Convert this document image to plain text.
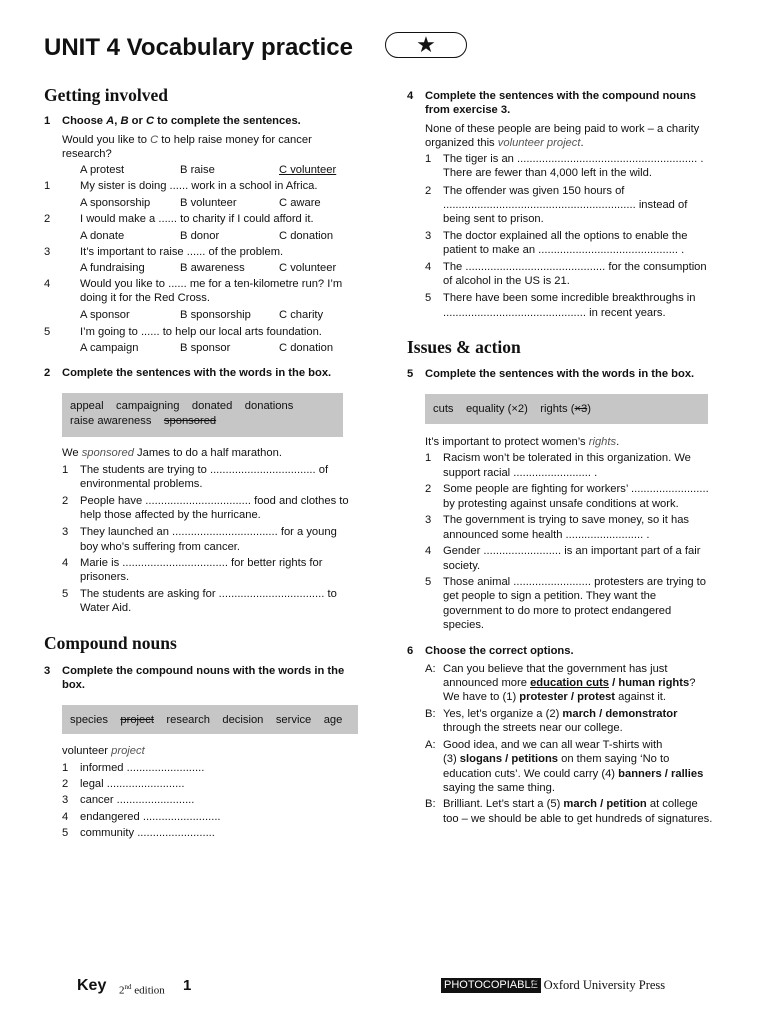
UNIT 4 Vocabulary practice	★
Getting involved
1 Choose A, B or C to complete the sentences.
Would you like to C to help raise money for cancer
research?
A protest	B raise	C volunteer
1	My sister is doing ...... work in a school in Africa.
A sponsorship	B volunteer	C aware
2	I would make a ...... to charity if I could afford it.
A donate	B donor	C donation
3	It’s important to raise ...... of the problem.
A fundraising	B awareness	C volunteer
4	Would you like to ...... me for a ten-kilometre run? I’m
doing it for the Red Cross.
A sponsor	B sponsorship	C charity
5	I’m going to ...... to help our local arts foundation.
A campaign	B sponsor	C donation
2 Complete the sentences with the words in the box.
appeal    campaigning    donated    donations
raise awareness    sponsored
We sponsored James to do a half marathon.
1 The students are trying to .................................. of
environmental problems.
2 People have .................................. food and clothes to
help those affected by the hurricane.
3 They launched an .................................. for a young
boy who’s suffering from cancer.
4 Marie is .................................. for better rights for
prisoners.
5 The students are asking for .................................. to
Water Aid.
Compound nouns
3 Complete the compound nouns with the words in the
box.
species    project    research    decision    service    age
volunteer project
1 informed .........................
2 legal .........................
3 cancer .........................
4 endangered .........................
5 community .........................
4 Complete the sentences with the compound nouns
from exercise 3.
None of these people are being paid to work – a charity
organized this volunteer project.
1 The tiger is an .......................................................... .
There are fewer than 4,000 left in the wild.
2 The offender was given 150 hours of
.............................................................. instead of
being sent to prison.
3 The doctor explained all the options to enable the
patient to make an ............................................. .
4 The ............................................. for the consumption
of alcohol in the US is 21.
5 There have been some incredible breakthroughs in
.............................................. in recent years.
Issues & action
5 Complete the sentences with the words in the box.
cuts    equality (×2)    rights (×3)
It’s important to protect women’s rights.
1 Racism won’t be tolerated in this organization. We
support racial ......................... .
2 Some people are fighting for workers’ .........................
by protesting against unsafe conditions at work.
3 The government is trying to save money, so it has
announced some health ......................... .
4 Gender ......................... is an important part of a fair
society.
5 Those animal ......................... protesters are trying to
get people to sign a petition. They want the
government to do more to protect endangered
species.
6 Choose the correct options.
A: Can you believe that the government has just
announced more education cuts / human rights?
We have to (1) protester / protest against it.
B: Yes, let’s organize a (2) march / demonstrator
through the streets near our college.
A: Good idea, and we can all wear T-shirts with
(3) slogans / petitions on them saying ‘No to
education cuts’. We could carry (4) banners / rallies
saying the same thing.
B: Brilliant. Let’s start a (5) march / petition at college
too – we should be able to get hundreds of signatures.
Key 2nd edition 1	PHOTOCOPIABLE
© Oxford University Press
